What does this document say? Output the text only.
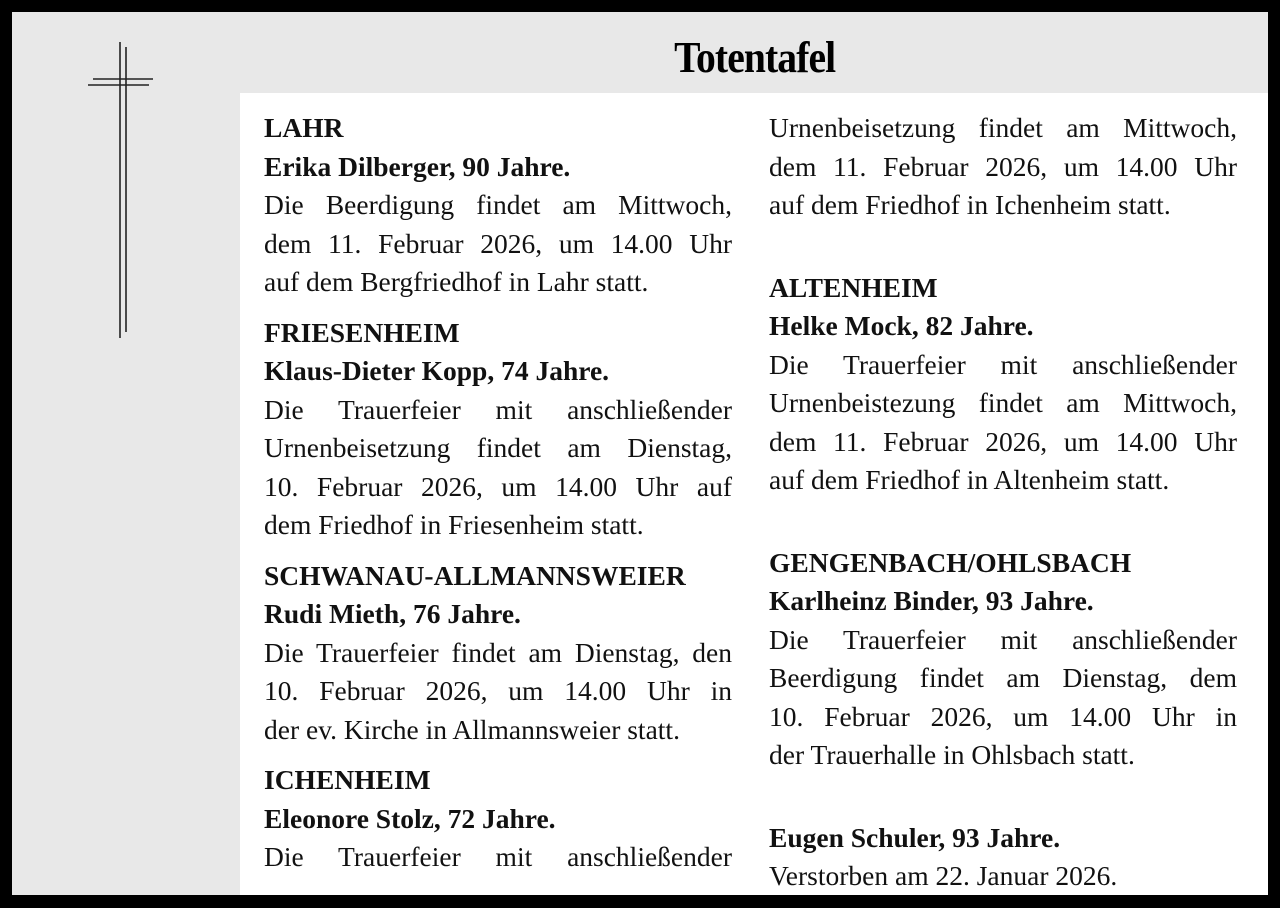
Totentafel
LAHR
Erika Dilberger, 90 Jahre.
Die Beerdigung findet am Mittwoch,
dem 11. Februar 2026, um 14.00 Uhr
auf dem Bergfriedhof in Lahr statt.
FRIESENHEIM
Klaus-Dieter Kopp, 74 Jahre.
Die Trauerfeier mit anschließender
Urnenbeisetzung findet am Dienstag,
10. Februar 2026, um 14.00 Uhr auf
dem Friedhof in Friesenheim statt.
SCHWANAU-ALLMANNSWEIER
Rudi Mieth, 76 Jahre.
Die Trauerfeier findet am Dienstag, den
10. Februar 2026, um 14.00 Uhr in
der ev. Kirche in Allmannsweier statt.
ICHENHEIM
Eleonore Stolz, 72 Jahre.
Die Trauerfeier mit anschließender
Urnenbeisetzung findet am Mittwoch,
dem 11. Februar 2026, um 14.00 Uhr
auf dem Friedhof in Ichenheim statt.
ALTENHEIM
Helke Mock, 82 Jahre.
Die Trauerfeier mit anschließender
Urnenbeistezung findet am Mittwoch,
dem 11. Februar 2026, um 14.00 Uhr
auf dem Friedhof in Altenheim statt.
GENGENBACH/OHLSBACH
Karlheinz Binder, 93 Jahre.
Die Trauerfeier mit anschließender
Beerdigung findet am Dienstag, dem
10. Februar 2026, um 14.00 Uhr in
der Trauerhalle in Ohlsbach statt.
Eugen Schuler, 93 Jahre.
Verstorben am 22. Januar 2026.
